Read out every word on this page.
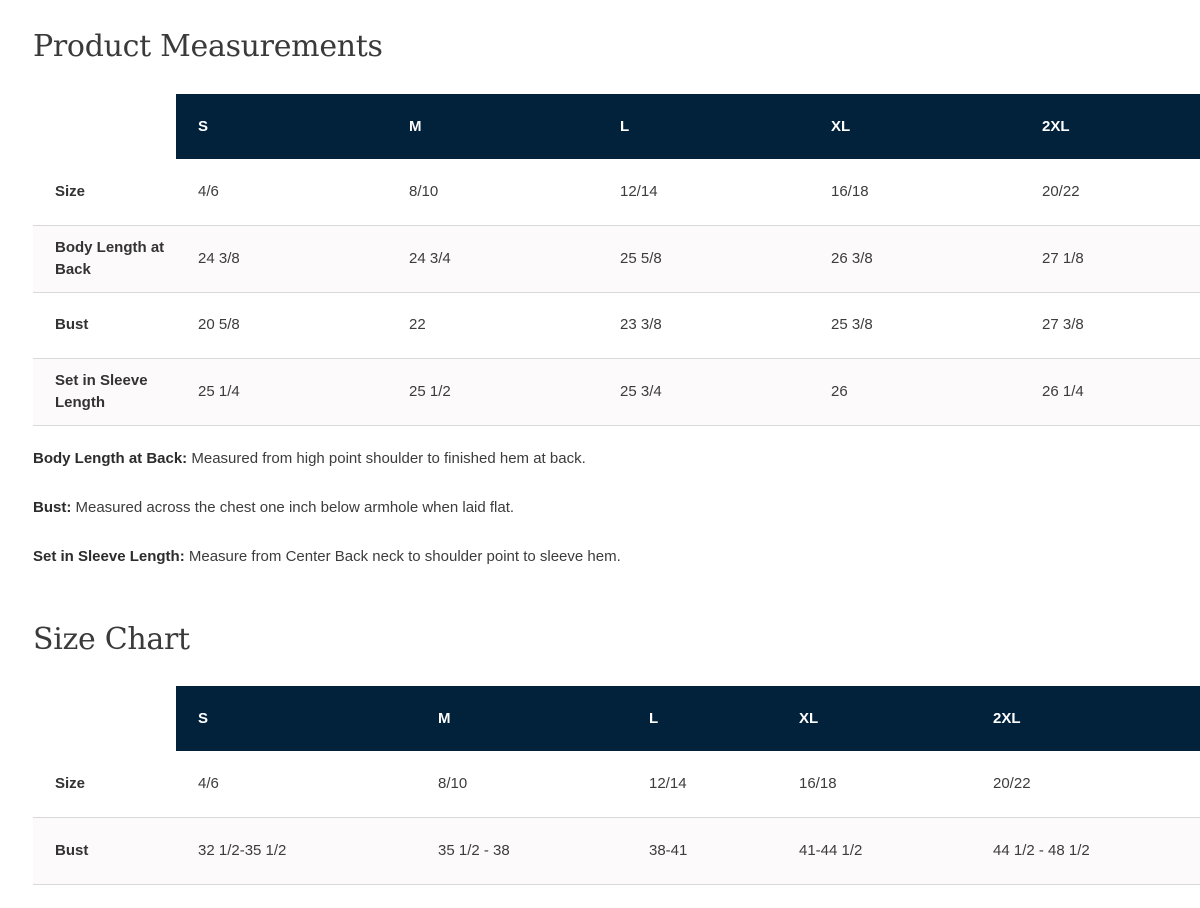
Product Measurements
	S	M	L	XL	2XL
Size	4/6	8/10	12/14	16/18	20/22
Body Length at Back	24 3/8	24 3/4	25 5/8	26 3/8	27 1/8
Bust	20 5/8	22	23 3/8	25 3/8	27 3/8
Set in Sleeve Length	25 1/4	25 1/2	25 3/4	26	26 1/4

Body Length at Back: Measured from high point shoulder to finished hem at back.

Bust: Measured across the chest one inch below armhole when laid flat.

Set in Sleeve Length: Measure from Center Back neck to shoulder point to sleeve hem.

Size Chart
	S	M	L	XL	2XL
Size	4/6	8/10	12/14	16/18	20/22
Bust	32 1/2-35 1/2	35 1/2 - 38	38-41	41-44 1/2	44 1/2 - 48 1/2
